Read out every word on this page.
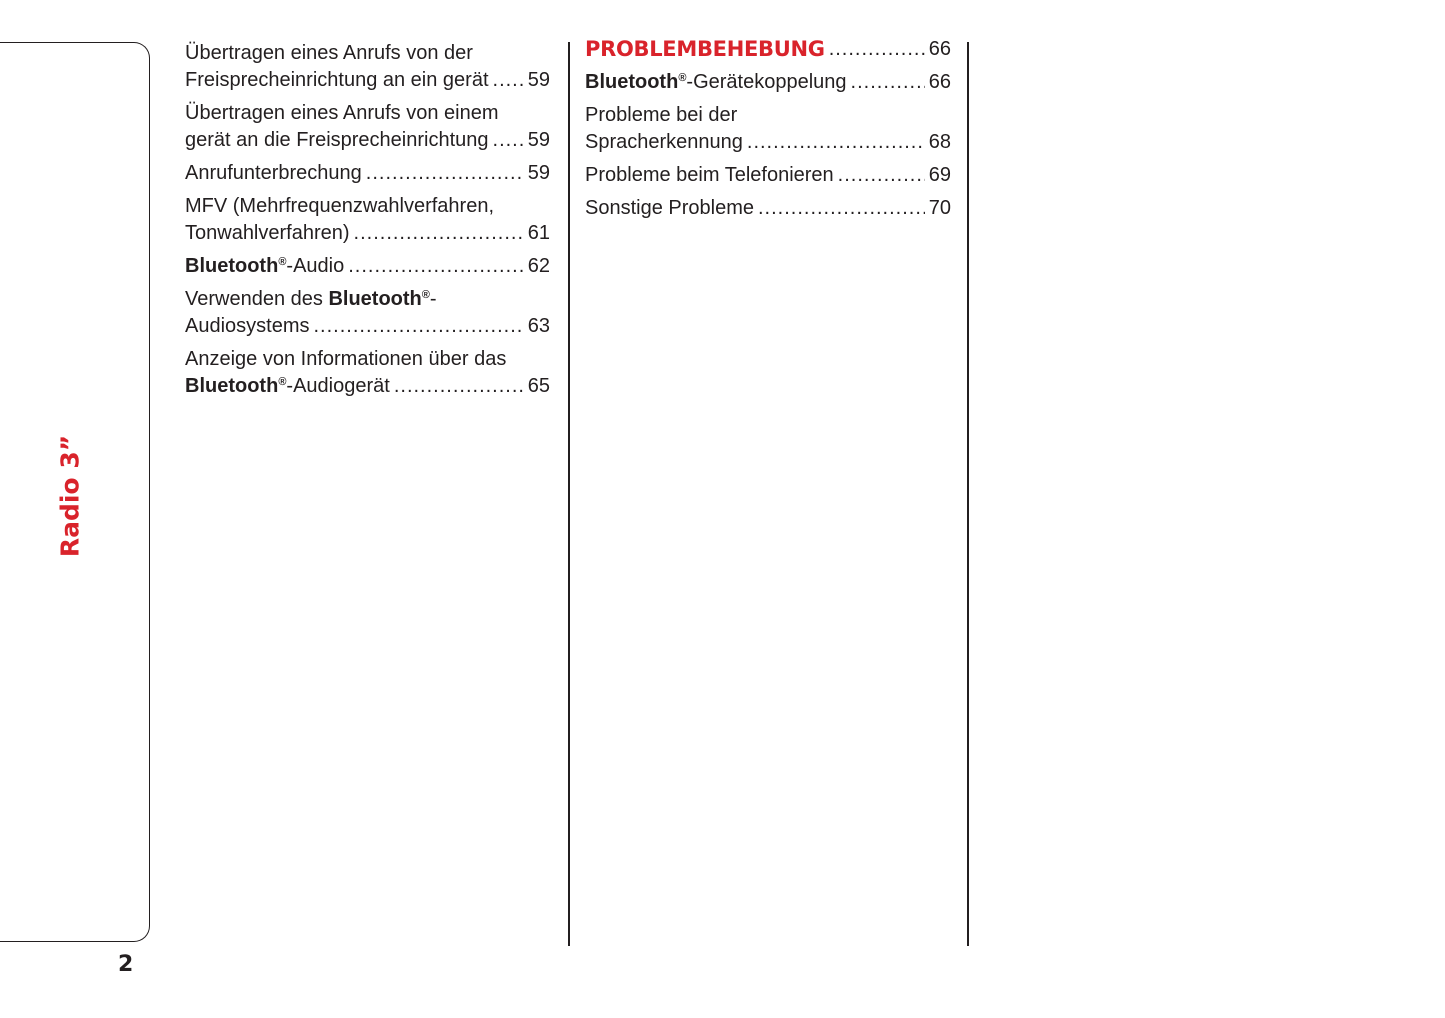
Radio 3”
2
Übertragen eines Anrufs von der
Freisprecheinrichtung an ein gerät ..... 59
Übertragen eines Anrufs von einem
gerät an die Freisprecheinrichtung ..... 59
Anrufunterbrechung .....	59
MFV (Mehrfrequenzwahlverfahren,
Tonwahlverfahren) .....	61
Bluetooth®-Audio .....	62
Verwenden des Bluetooth®-
Audiosystems .....	63
Anzeige von Informationen über das
Bluetooth®-Audiogerät .....	65
PROBLEMBEHEBUNG .....	66
Bluetooth®-Gerätekoppelung .....	66
Probleme bei der
Spracherkennung .....	68
Probleme beim Telefonieren .....	69
Sonstige Probleme .....	70
